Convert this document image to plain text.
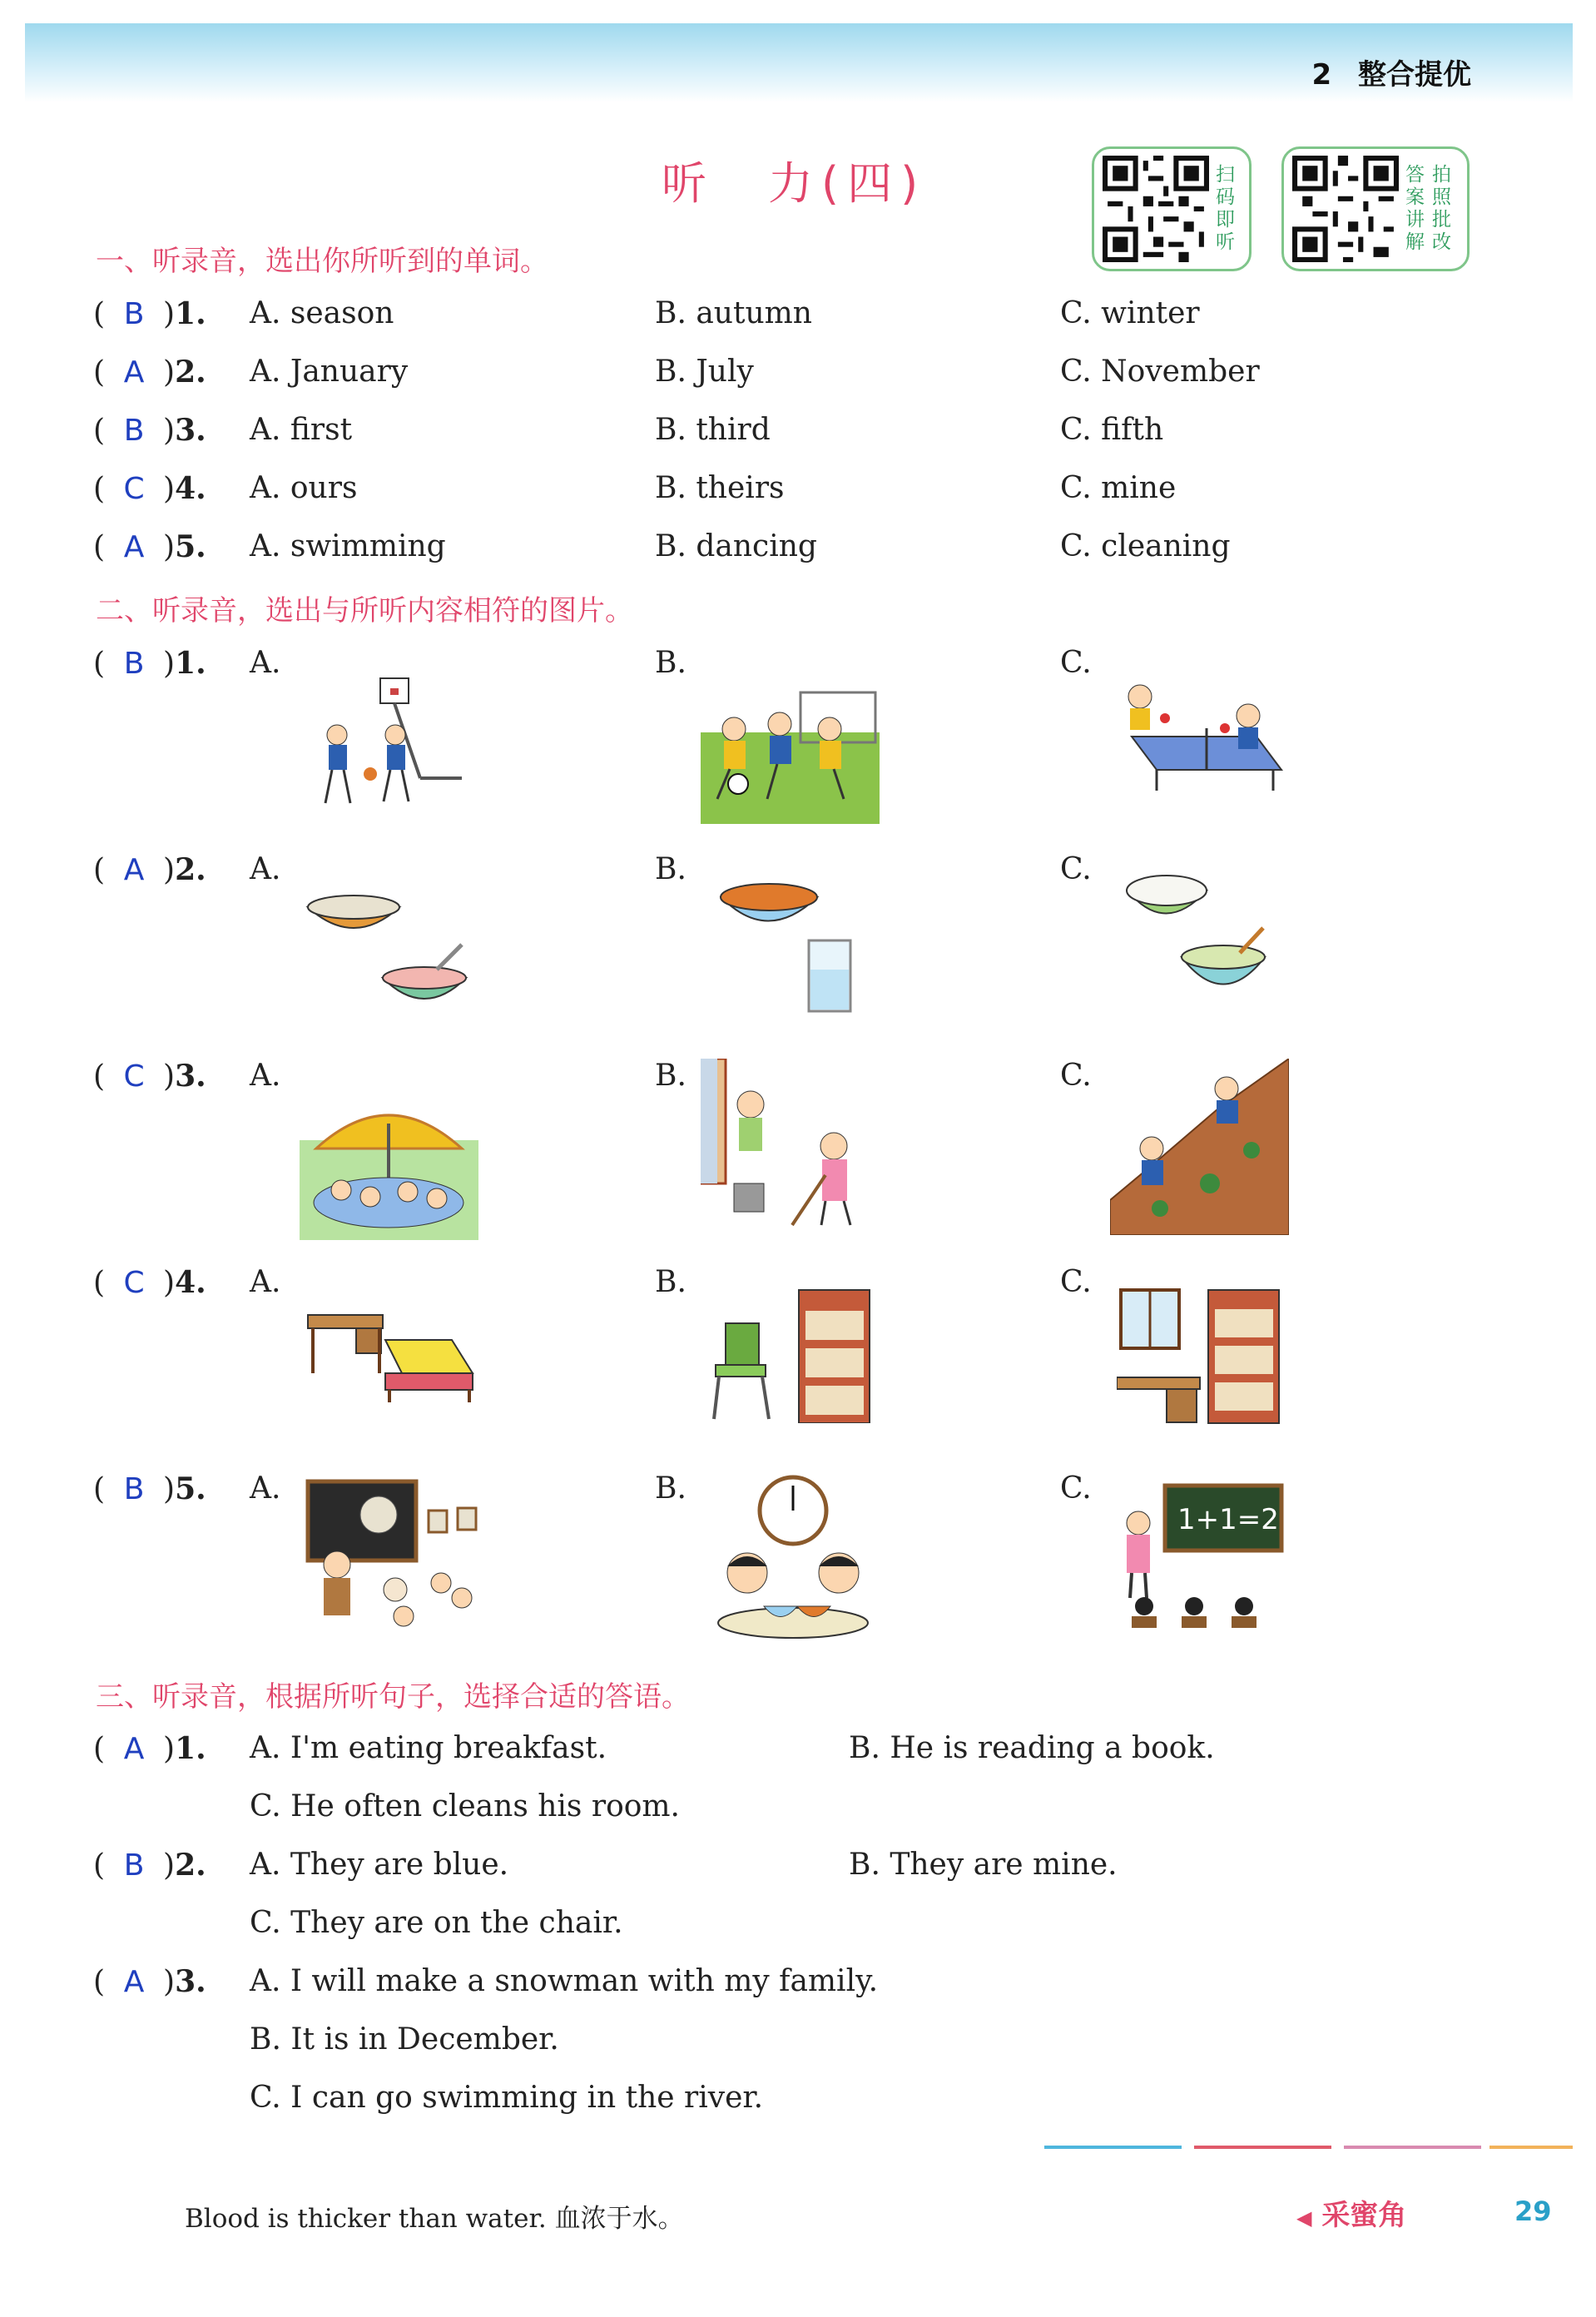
2 整合提优
听　力(四)	扫
码
即
听
答 拍
案 照
讲 批
解 改
一、听录音，选出你所听到的单词。
( B )1. A. season	B. autumn	C. winter
( A )2. A. January	B. July	C. November
( B )3. A. first	B. third	C. fifth
( C )4. A. ours	B. theirs	C. mine
( A )5. A. swimming	B. dancing	C. cleaning
二、听录音，选出与所听内容相符的图片。
( B )1. A.	B.	C.
( A )2. A.	B.	C.
( C )3. A.	B.	C.
( C )4. A.	B.	C.
( B )5. A.	B.	C.
1+1=2
三、听录音，根据所听句子，选择合适的答语。
( A )1. A. I'm eating breakfast.	B. He is reading a book.
C. He often cleans his room.
( B )2. A. They are blue.	B. They are mine.
C. They are on the chair.
( A )3. A. I will make a snowman with my family.
B. It is in December.
C. I can go swimming in the river.
Blood is thicker than water. 血浓于水。	◀ 采蜜角	29
